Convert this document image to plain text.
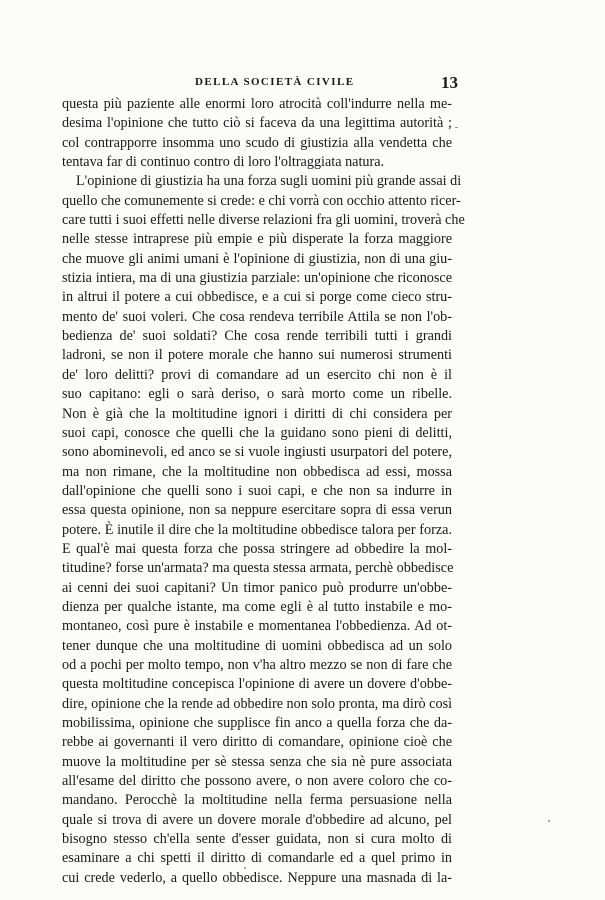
DELLA SOCIETÀ CIVILE	13
questa più paziente alle enormi loro atrocità coll'indurre nella me-
desima l'opinione che tutto ciò si faceva da una legittima autorità ;
col contrapporre insomma uno scudo di giustizia alla vendetta che
tentava far di continuo contro di loro l'oltraggiata natura.
L'opinione di giustizia ha una forza sugli uomini più grande assai di
quello che comunemente si crede: e chi vorrà con occhio attento ricer-
care tutti i suoi effetti nelle diverse relazioni fra gli uomini, troverà che
nelle stesse intraprese più empie e più disperate la forza maggiore
che muove gli animi umani è l'opinione di giustizia, non di una giu-
stizia intiera, ma di una giustizia parziale: un'opinione che riconosce
in altrui il potere a cui obbedisce, e a cui si porge come cieco stru-
mento de' suoi voleri. Che cosa rendeva terribile Attila se non l'ob-
bedienza de' suoi soldati? Che cosa rende terribili tutti i grandi
ladroni, se non il potere morale che hanno sui numerosi strumenti
de' loro delitti? provi di comandare ad un esercito chi non è il
suo capitano: egli o sarà deriso, o sarà morto come un ribelle.
Non è già che la moltitudine ignori i diritti di chi considera per
suoi capi, conosce che quelli che la guidano sono pieni di delitti,
sono abominevoli, ed anco se si vuole ingiusti usurpatori del potere,
ma non rimane, che la moltitudine non obbedisca ad essi, mossa
dall'opinione che quelli sono i suoi capi, e che non sa indurre in
essa questa opinione, non sa neppure esercitare sopra di essa verun
potere. È inutile il dire che la moltitudine obbedisce talora per forza.
E qual'è mai questa forza che possa stringere ad obbedire la mol-
titudine? forse un'armata? ma questa stessa armata, perchè obbedisce
ai cenni dei suoi capitani? Un timor panico può produrre un'obbe-
dienza per qualche istante, ma come egli è al tutto instabile e mo-
montaneo, così pure è instabile e momentanea l'obbedienza. Ad ot-
tener dunque che una moltitudine di uomini obbedisca ad un solo
od a pochi per molto tempo, non v'ha altro mezzo se non di fare che
questa moltitudine concepisca l'opinione di avere un dovere d'obbe-
dire, opinione che la rende ad obbedire non solo pronta, ma dirò così
mobilissima, opinione che supplisce fin anco a quella forza che da-
rebbe ai governanti il vero diritto di comandare, opinione cioè che
muove la moltitudine per sè stessa senza che sia nè pure associata
all'esame del diritto che possono avere, o non avere coloro che co-
mandano. Perocchè la moltitudine nella ferma persuasione nella
quale si trova di avere un dovere morale d'obbedire ad alcuno, pel
bisogno stesso ch'ella sente d'esser guidata, non si cura molto di
esaminare a chi spetti il diritto di comandarle ed a quel primo in
cui crede vederlo, a quello obbedisce. Neppure una masnada di la-
